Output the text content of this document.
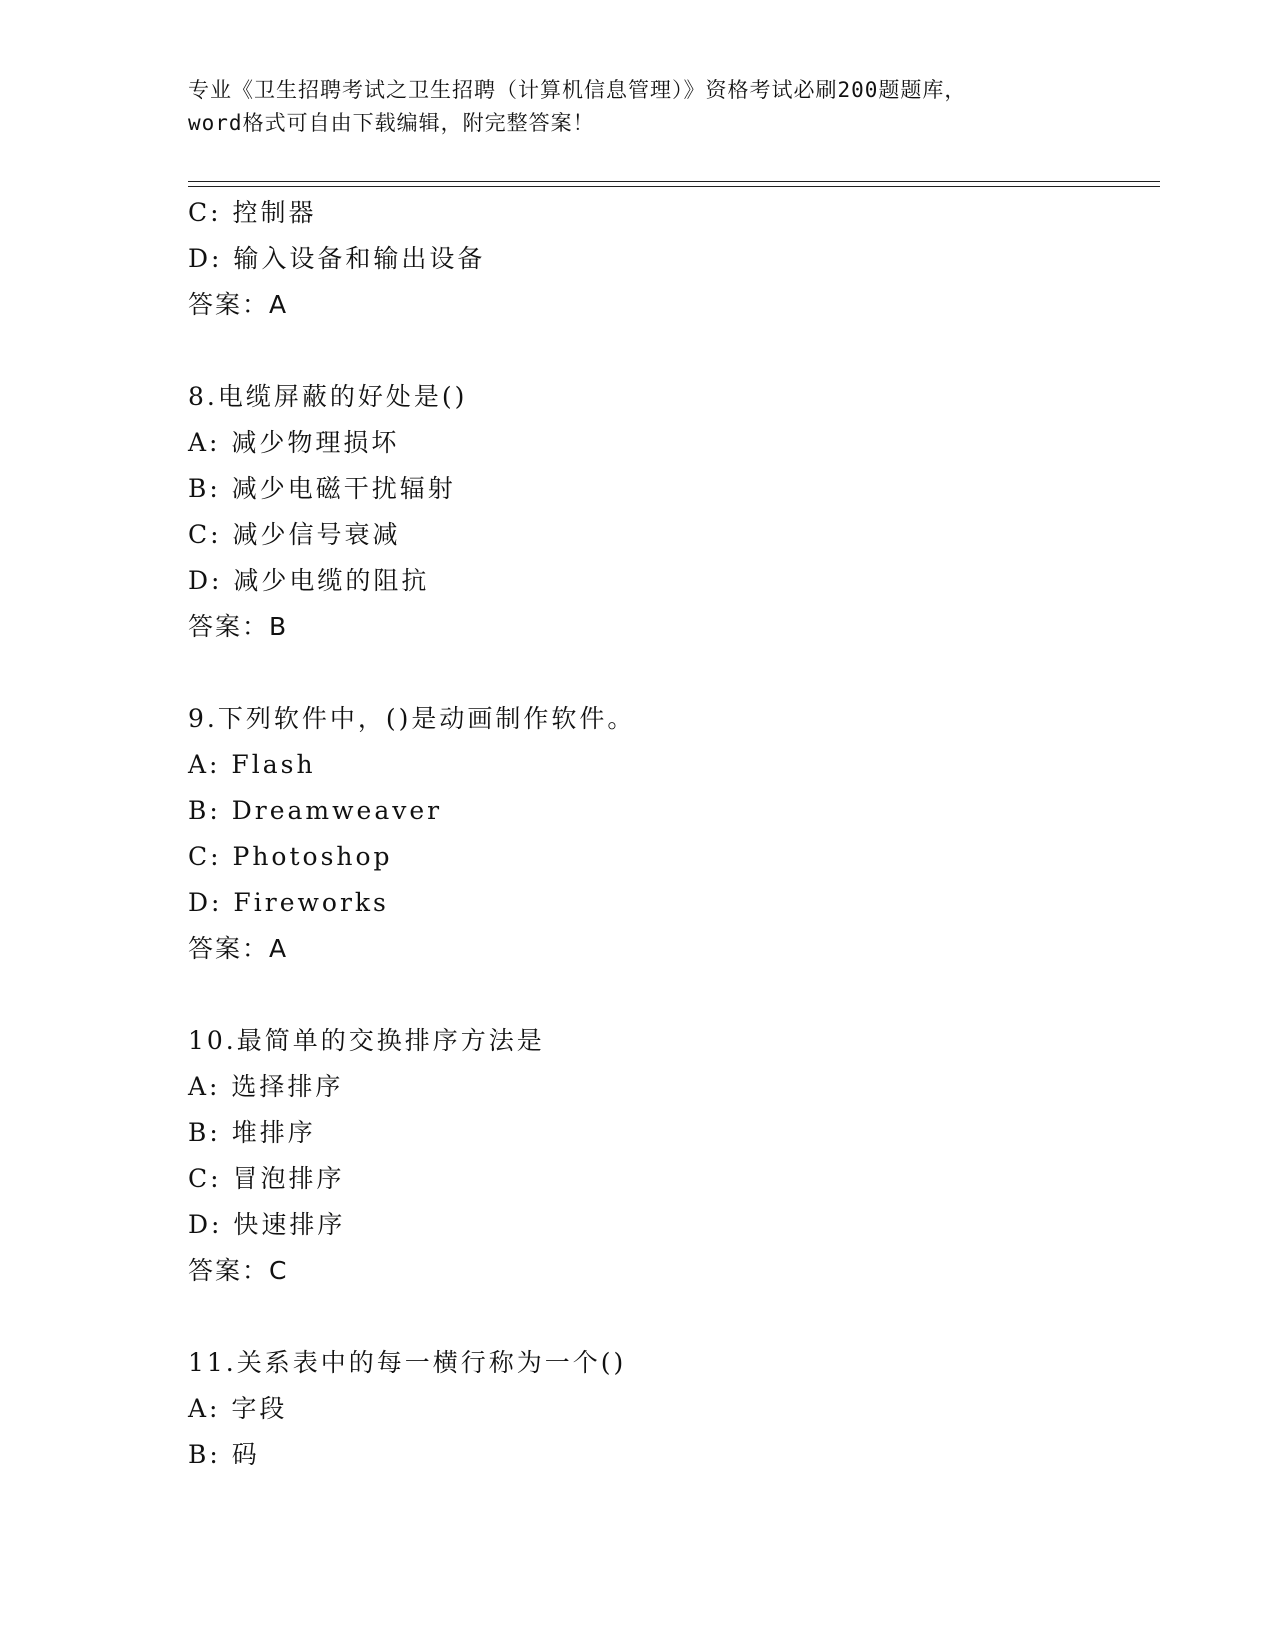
专业《卫生招聘考试之卫生招聘（计算机信息管理）》资格考试必刷200题题库，
word格式可自由下载编辑，附完整答案！
C: 控制器
D: 输入设备和输出设备
答案：A
8.电缆屏蔽的好处是()
A: 减少物理损坏
B: 减少电磁干扰辐射
C: 减少信号衰减
D: 减少电缆的阻抗
答案：B
9.下列软件中，()是动画制作软件。
A: Flash
B: Dreamweaver
C: Photoshop
D: Fireworks
答案：A
10.最简单的交换排序方法是
A: 选择排序
B: 堆排序
C: 冒泡排序
D: 快速排序
答案：C
11.关系表中的每一横行称为一个()
A: 字段
B: 码
